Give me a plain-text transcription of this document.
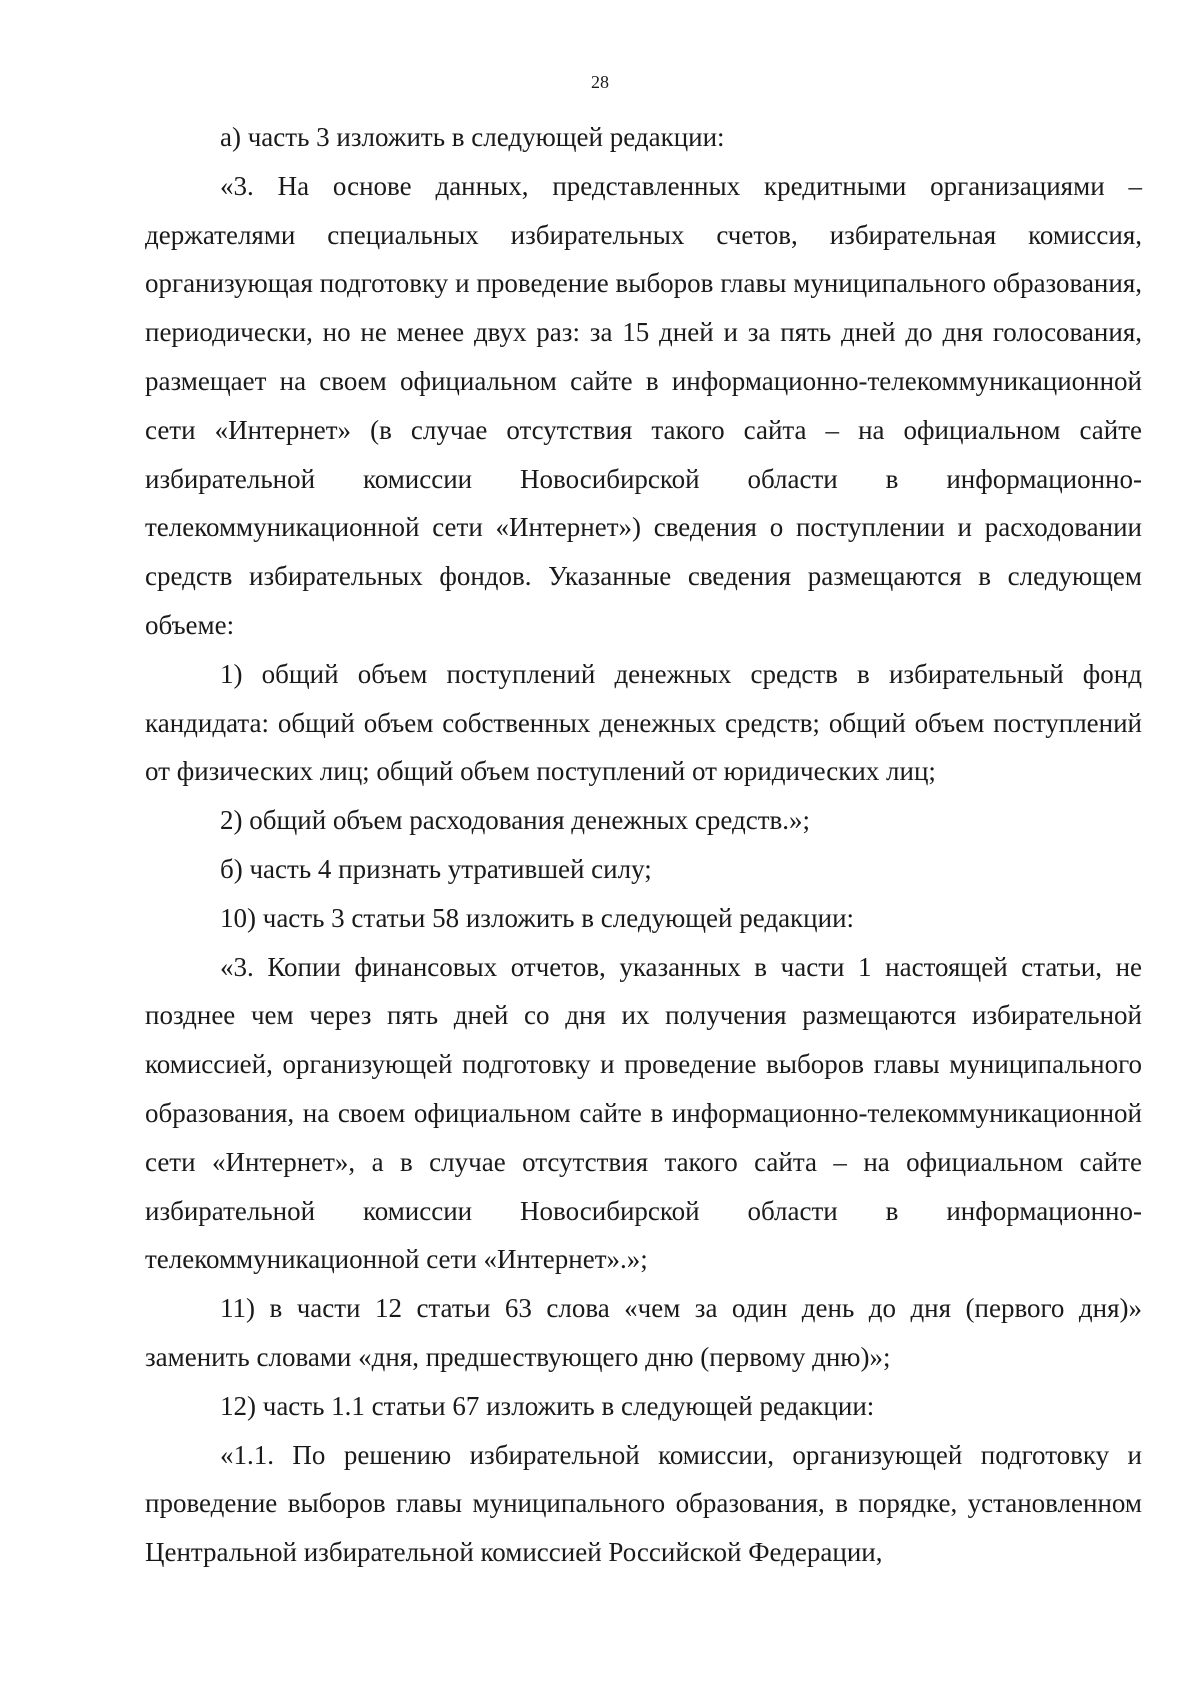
28

а) часть 3 изложить в следующей редакции:

«3. На основе данных, представленных кредитными организациями – держателями специальных избирательных счетов, избирательная комиссия, организующая подготовку и проведение выборов главы муниципального образования, периодически, но не менее двух раз: за 15 дней и за пять дней до дня голосования, размещает на своем официальном сайте в информационно-телекоммуникационной сети «Интернет» (в случае отсутствия такого сайта – на официальном сайте избирательной комиссии Новосибирской области в информационно-телекоммуникационной сети «Интернет») сведения о поступлении и расходовании средств избирательных фондов. Указанные сведения размещаются в следующем объеме:

1) общий объем поступлений денежных средств в избирательный фонд кандидата: общий объем собственных денежных средств; общий объем поступлений от физических лиц; общий объем поступлений от юридических лиц;

2) общий объем расходования денежных средств.»;

б) часть 4 признать утратившей силу;

10) часть 3 статьи 58 изложить в следующей редакции:

«3. Копии финансовых отчетов, указанных в части 1 настоящей статьи, не позднее чем через пять дней со дня их получения размещаются избирательной комиссией, организующей подготовку и проведение выборов главы муниципального образования, на своем официальном сайте в информационно-телекоммуникационной сети «Интернет», а в случае отсутствия такого сайта – на официальном сайте избирательной комиссии Новосибирской области в информационно-телекоммуникационной сети «Интернет».»;

11) в части 12 статьи 63 слова «чем за один день до дня (первого дня)» заменить словами «дня, предшествующего дню (первому дню)»;

12) часть 1.1 статьи 67 изложить в следующей редакции:

«1.1. По решению избирательной комиссии, организующей подготовку и проведение выборов главы муниципального образования, в порядке, установленном Центральной избирательной комиссией Российской Федерации,
